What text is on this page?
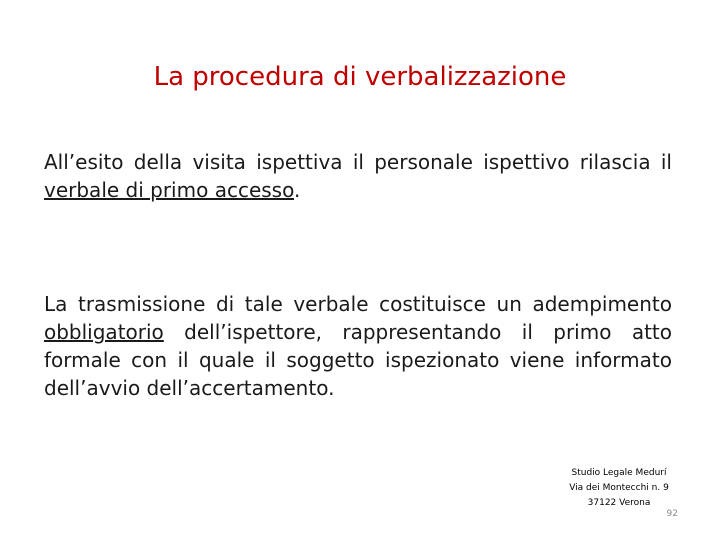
La procedura di verbalizzazione

All’esito della visita ispettiva il personale ispettivo rilascia il verbale di primo accesso.

La trasmissione di tale verbale costituisce un adempimento obbligatorio dell’ispettore, rappresentando il primo atto formale con il quale il soggetto ispezionato viene informato dell’avvio dell’accertamento.

Studio Legale Medurí
Via dei Montecchi n. 9
37122 Verona
92
